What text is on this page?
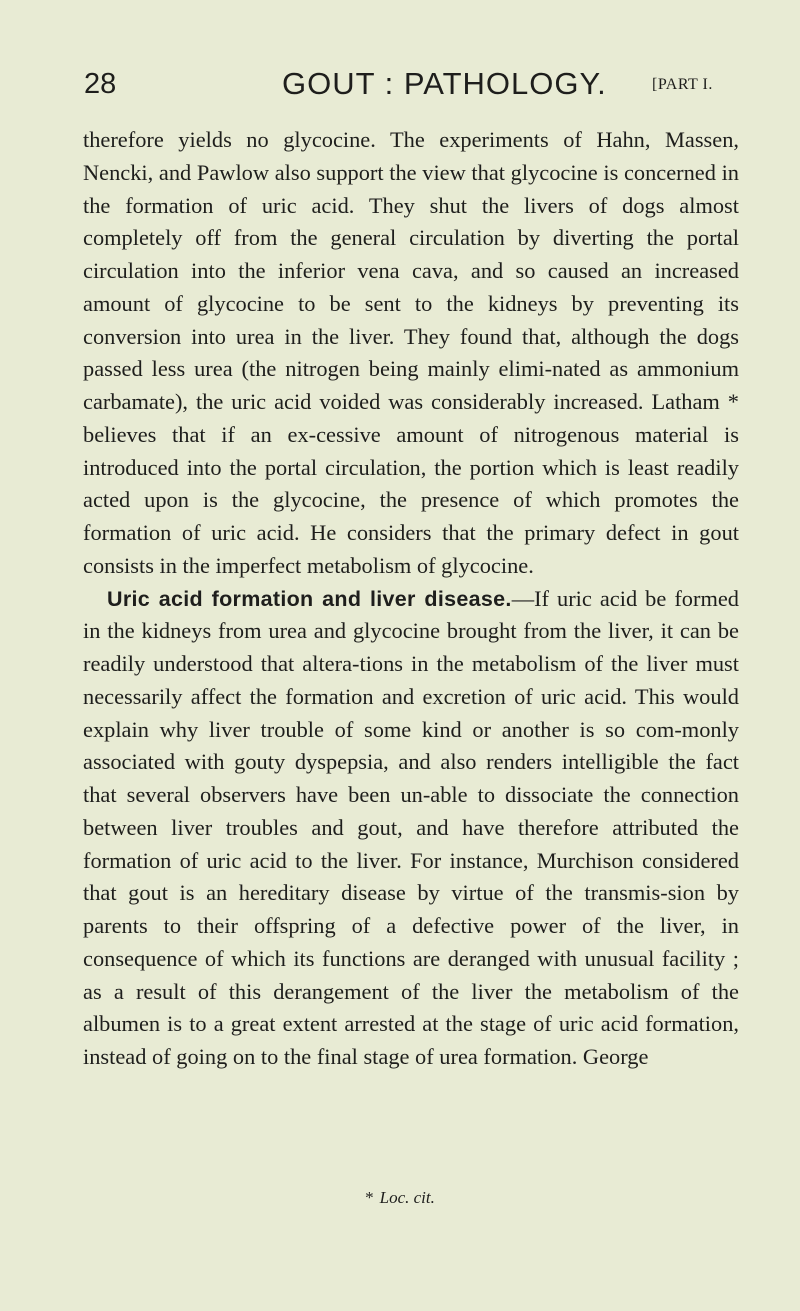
28	GOUT : PATHOLOGY.	[PART I.

therefore yields no glycocine. The experiments of Hahn, Massen, Nencki, and Pawlow also support the view that glycocine is concerned in the formation of uric acid. They shut the livers of dogs almost completely off from the general circulation by diverting the portal circulation into the inferior vena cava, and so caused an increased amount of glycocine to be sent to the kidneys by preventing its conversion into urea in the liver. They found that, although the dogs passed less urea (the nitrogen being mainly elimi-nated as ammonium carbamate), the uric acid voided was considerably increased. Latham * believes that if an ex-cessive amount of nitrogenous material is introduced into the portal circulation, the portion which is least readily acted upon is the glycocine, the presence of which promotes the formation of uric acid. He considers that the primary defect in gout consists in the imperfect metabolism of glycocine.

Uric acid formation and liver disease.—If uric acid be formed in the kidneys from urea and glycocine brought from the liver, it can be readily understood that altera-tions in the metabolism of the liver must necessarily affect the formation and excretion of uric acid. This would explain why liver trouble of some kind or another is so com-monly associated with gouty dyspepsia, and also renders intelligible the fact that several observers have been un-able to dissociate the connection between liver troubles and gout, and have therefore attributed the formation of uric acid to the liver. For instance, Murchison considered that gout is an hereditary disease by virtue of the transmis-sion by parents to their offspring of a defective power of the liver, in consequence of which its functions are deranged with unusual facility ; as a result of this derangement of the liver the metabolism of the albumen is to a great extent arrested at the stage of uric acid formation, instead of going on to the final stage of urea formation. George

* Loc. cit.
